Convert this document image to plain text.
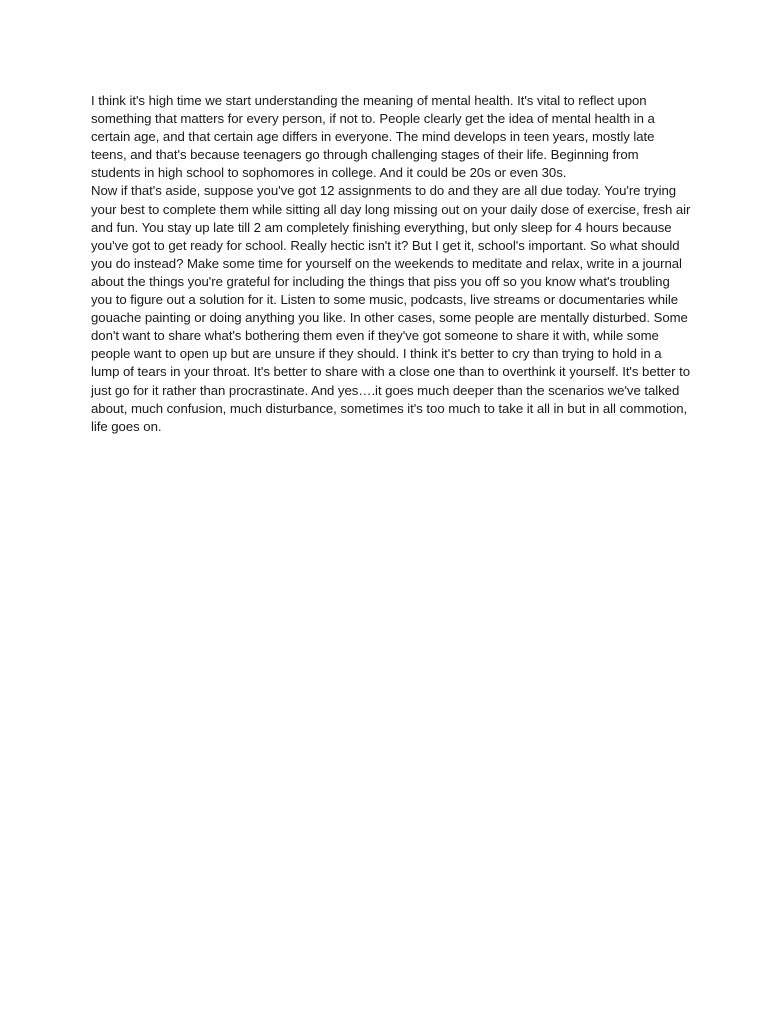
I think it's high time we start understanding the meaning of mental health. It's vital to reflect upon something that matters for every person, if not to. People clearly get the idea of mental health in a certain age, and that certain age differs in everyone. The mind develops in teen years, mostly late teens, and that's because teenagers go through challenging stages of their life. Beginning from students in high school to sophomores in college. And it could be 20s or even 30s.

Now if that's aside, suppose you've got 12 assignments to do and they are all due today. You're trying your best to complete them while sitting all day long missing out on your daily dose of exercise, fresh air and fun. You stay up late till 2 am completely finishing everything, but only sleep for 4 hours because you've got to get ready for school. Really hectic isn't it? But I get it, school's important. So what should you do instead? Make some time for yourself on the weekends to meditate and relax, write in a journal about the things you're grateful for including the things that piss you off so you know what's troubling you to figure out a solution for it. Listen to some music, podcasts, live streams or documentaries while gouache painting or doing anything you like. In other cases, some people are mentally disturbed. Some don't want to share what's bothering them even if they've got someone to share it with, while some people want to open up but are unsure if they should. I think it's better to cry than trying to hold in a lump of tears in your throat. It's better to share with a close one than to overthink it yourself. It's better to just go for it rather than procrastinate. And yes….it goes much deeper than the scenarios we've talked about, much confusion, much disturbance, sometimes it's too much to take it all in but in all commotion, life goes on.
